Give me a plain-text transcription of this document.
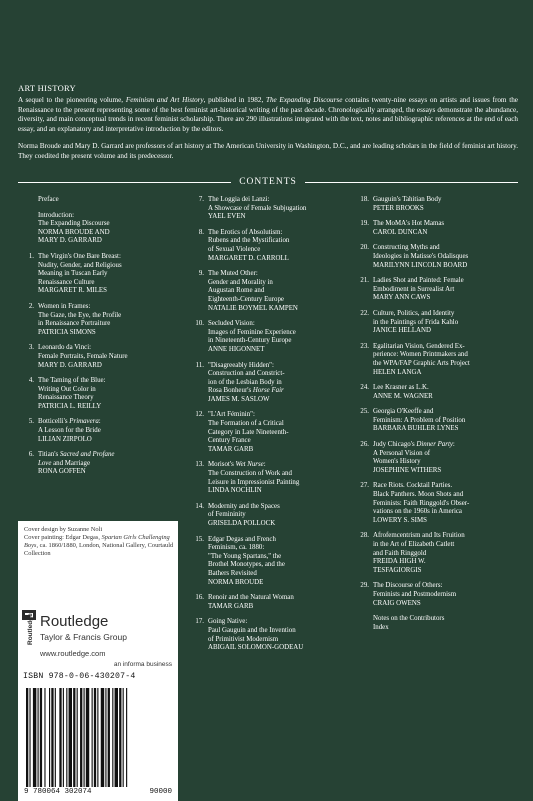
ART HISTORY
A sequel to the pioneering volume, Feminism and Art History, published in 1982, The Expanding Discourse contains twenty-nine essays on artists and issues from the Renaissance to the present representing some of the best feminist art-historical writing of the past decade. Chronologically arranged, the essays demonstrate the abundance, diversity, and main conceptual trends in recent feminist scholarship. There are 290 illustrations integrated with the text, notes and bibliographic references at the end of each essay, and an explanatory and interpretative introduction by the editors.
Norma Broude and Mary D. Garrard are professors of art history at The American University in Washington, D.C., and are leading scholars in the field of feminist art history. They coedited the present volume and its predecessor.
CONTENTS
Preface
Introduction:
The Expanding Discourse
NORMA BROUDE AND
MARY D. GARRARD
1. The Virgin's One Bare Breast:
Nudity, Gender, and Religious
Meaning in Tuscan Early
Renaissance Culture
MARGARET R. MILES
2. Women in Frames:
The Gaze, the Eye, the Profile
in Renaissance Portraiture
PATRICIA SIMONS
3. Leonardo da Vinci:
Female Portraits, Female Nature
MARY D. GARRARD
4. The Taming of the Blue:
Writing Out Color in
Renaissance Theory
PATRICIA L. REILLY
5. Botticelli's Primavera:
A Lesson for the Bride
LILIAN ZIRPOLO
6. Titian's Sacred and Profane
Love and Marriage
RONA GOFFEN
7. The Loggia dei Lanzi:
A Showcase of Female Subjugation
YAEL EVEN
8. The Erotics of Absolutism:
Rubens and the Mystification
of Sexual Violence
MARGARET D. CARROLL
9. The Muted Other:
Gender and Morality in
Augustan Rome and
Eighteenth-Century Europe
NATALIE BOYMEL KAMPEN
10. Secluded Vision:
Images of Feminine Experience
in Nineteenth-Century Europe
ANNE HIGONNET
11. "Disagreeably Hidden":
Construction and Constrict-
ion of the Lesbian Body in
Rosa Bonheur's Horse Fair
JAMES M. SASLOW
12. "L'Art Féminin":
The Formation of a Critical
Category in Late Nineteenth-
Century France
TAMAR GARB
13. Morisot's Wet Nurse:
The Construction of Work and
Leisure in Impressionist Painting
LINDA NOCHLIN
14. Modernity and the Spaces
of Femininity
GRISELDA POLLOCK
15. Edgar Degas and French
Feminism, ca. 1880:
"The Young Spartans," the
Brothel Monotypes, and the
Bathers Revisited
NORMA BROUDE
16. Renoir and the Natural Woman
TAMAR GARB
17. Going Native:
Paul Gauguin and the Invention
of Primitivist Modernism
ABIGAIL SOLOMON-GODEAU
18. Gauguin's Tahitian Body
PETER BROOKS
19. The MoMA's Hot Mamas
CAROL DUNCAN
20. Constructing Myths and
Ideologies in Matisse's Odalisques
MARILYNN LINCOLN BOARD
21. Ladies Shot and Painted: Female
Embodiment in Surrealist Art
MARY ANN CAWS
22. Culture, Politics, and Identity
in the Paintings of Frida Kahlo
JANICE HELLAND
23. Egalitarian Vision, Gendered Ex-
perience: Women Printmakers and
the WPA/FAP Graphic Arts Project
HELEN LANGA
24. Lee Krasner as L.K.
ANNE M. WAGNER
25. Georgia O'Keeffe and
Feminism: A Problem of Position
BARBARA BUHLER LYNES
26. Judy Chicago's Dinner Party:
A Personal Vision of
Women's History
JOSEPHINE WITHERS
27. Race Riots. Cocktail Parties.
Black Panthers. Moon Shots and
Feminists: Faith Ringgold's Obser-
vations on the 1960s in America
LOWERY S. SIMS
28. Afrofemcentrism and Its Fruition
in the Art of Elizabeth Catlett
and Faith Ringgold
FREIDA HIGH W.
TESFAGIORGIS
29. The Discourse of Others:
Feminists and Postmodernism
CRAIG OWENS
Notes on the Contributors
Index
Cover design by Suzanne Noli
Cover painting: Edgar Degas, Spartan Girls Challenging Boys, ca. 1860/1880, London, National Gallery, Courtauld Collection
Routledge Routledge
Taylor & Francis Group
www.routledge.com
an informa business
ISBN 978-0-06-430207-4
9 780064 302074	90000
